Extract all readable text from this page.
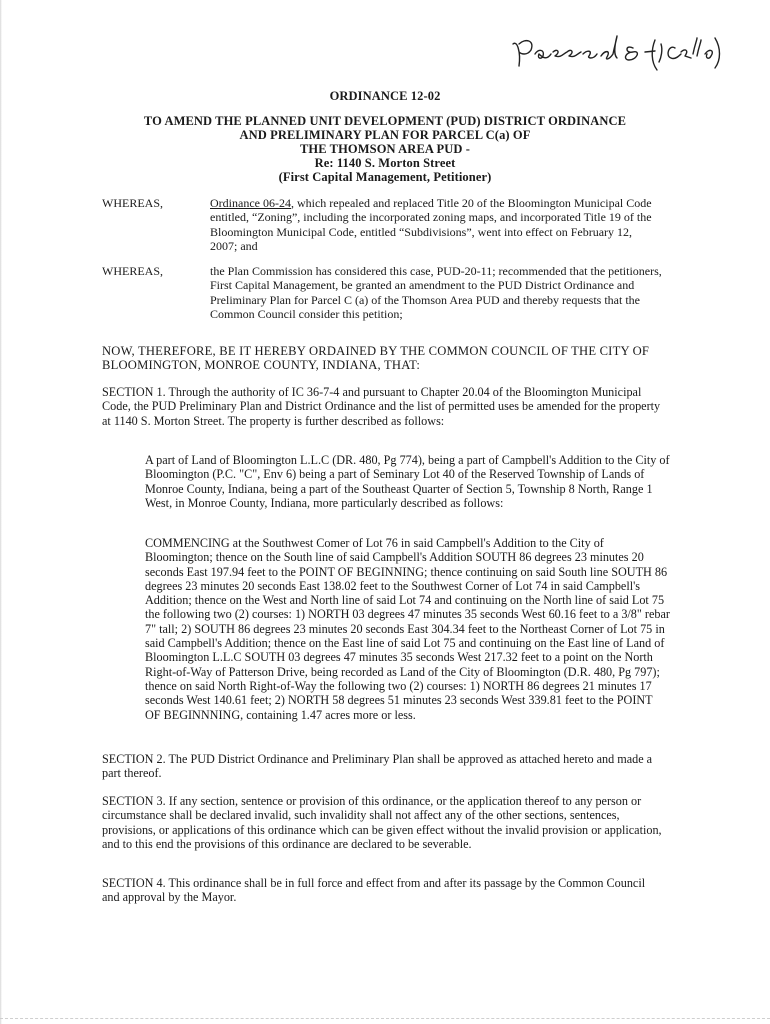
ORDINANCE 12-02
TO AMEND THE PLANNED UNIT DEVELOPMENT (PUD) DISTRICT ORDINANCE
AND PRELIMINARY PLAN FOR PARCEL C(a) OF
THE THOMSON AREA PUD -
Re: 1140 S. Morton Street
(First Capital Management, Petitioner)
WHEREAS,	Ordinance 06-24, which repealed and replaced Title 20 of the Bloomington Municipal Code entitled, “Zoning”, including the incorporated zoning maps, and incorporated Title 19 of the Bloomington Municipal Code, entitled “Subdivisions”, went into effect on February 12, 2007; and
WHEREAS,	the Plan Commission has considered this case, PUD-20-11; recommended that the petitioners, First Capital Management, be granted an amendment to the PUD District Ordinance and Preliminary Plan for Parcel C (a) of the Thomson Area PUD and thereby requests that the Common Council consider this petition;
NOW, THEREFORE, BE IT HEREBY ORDAINED BY THE COMMON COUNCIL OF THE CITY OF BLOOMINGTON, MONROE COUNTY, INDIANA, THAT:
SECTION 1. Through the authority of IC 36-7-4 and pursuant to Chapter 20.04 of the Bloomington Municipal Code, the PUD Preliminary Plan and District Ordinance and the list of permitted uses be amended for the property at 1140 S. Morton Street. The property is further described as follows:
A part of Land of Bloomington L.L.C (DR. 480, Pg 774), being a part of Campbell's Addition to the City of Bloomington (P.C. "C", Env 6) being a part of Seminary Lot 40 of the Reserved Township of Lands of Monroe County, Indiana, being a part of the Southeast Quarter of Section 5, Township 8 North, Range 1 West, in Monroe County, Indiana, more particularly described as follows:
COMMENCING at the Southwest Comer of Lot 76 in said Campbell's Addition to the City of Bloomington; thence on the South line of said Campbell's Addition SOUTH 86 degrees 23 minutes 20 seconds East 197.94 feet to the POINT OF BEGINNING; thence continuing on said South line SOUTH 86 degrees 23 minutes 20 seconds East 138.02 feet to the Southwest Corner of Lot 74 in said Campbell's Addition; thence on the West and North line of said Lot 74 and continuing on the North line of said Lot 75 the following two (2) courses: 1) NORTH 03 degrees 47 minutes 35 seconds West 60.16 feet to a 3/8" rebar 7" tall; 2) SOUTH 86 degrees 23 minutes 20 seconds East 304.34 feet to the Northeast Corner of Lot 75 in said Campbell's Addition; thence on the East line of said Lot 75 and continuing on the East line of Land of Bloomington L.L.C SOUTH 03 degrees 47 minutes 35 seconds West 217.32 feet to a point on the North Right-of-Way of Patterson Drive, being recorded as Land of the City of Bloomington (D.R. 480, Pg 797); thence on said North Right-of-Way the following two (2) courses: 1) NORTH 86 degrees 21 minutes 17 seconds West 140.61 feet; 2) NORTH 58 degrees 51 minutes 23 seconds West 339.81 feet to the POINT OF BEGINNNING, containing 1.47 acres more or less.
SECTION 2. The PUD District Ordinance and Preliminary Plan shall be approved as attached hereto and made a part thereof.
SECTION 3. If any section, sentence or provision of this ordinance, or the application thereof to any person or circumstance shall be declared invalid, such invalidity shall not affect any of the other sections, sentences, provisions, or applications of this ordinance which can be given effect without the invalid provision or application, and to this end the provisions of this ordinance are declared to be severable.
SECTION 4. This ordinance shall be in full force and effect from and after its passage by the Common Council and approval by the Mayor.
